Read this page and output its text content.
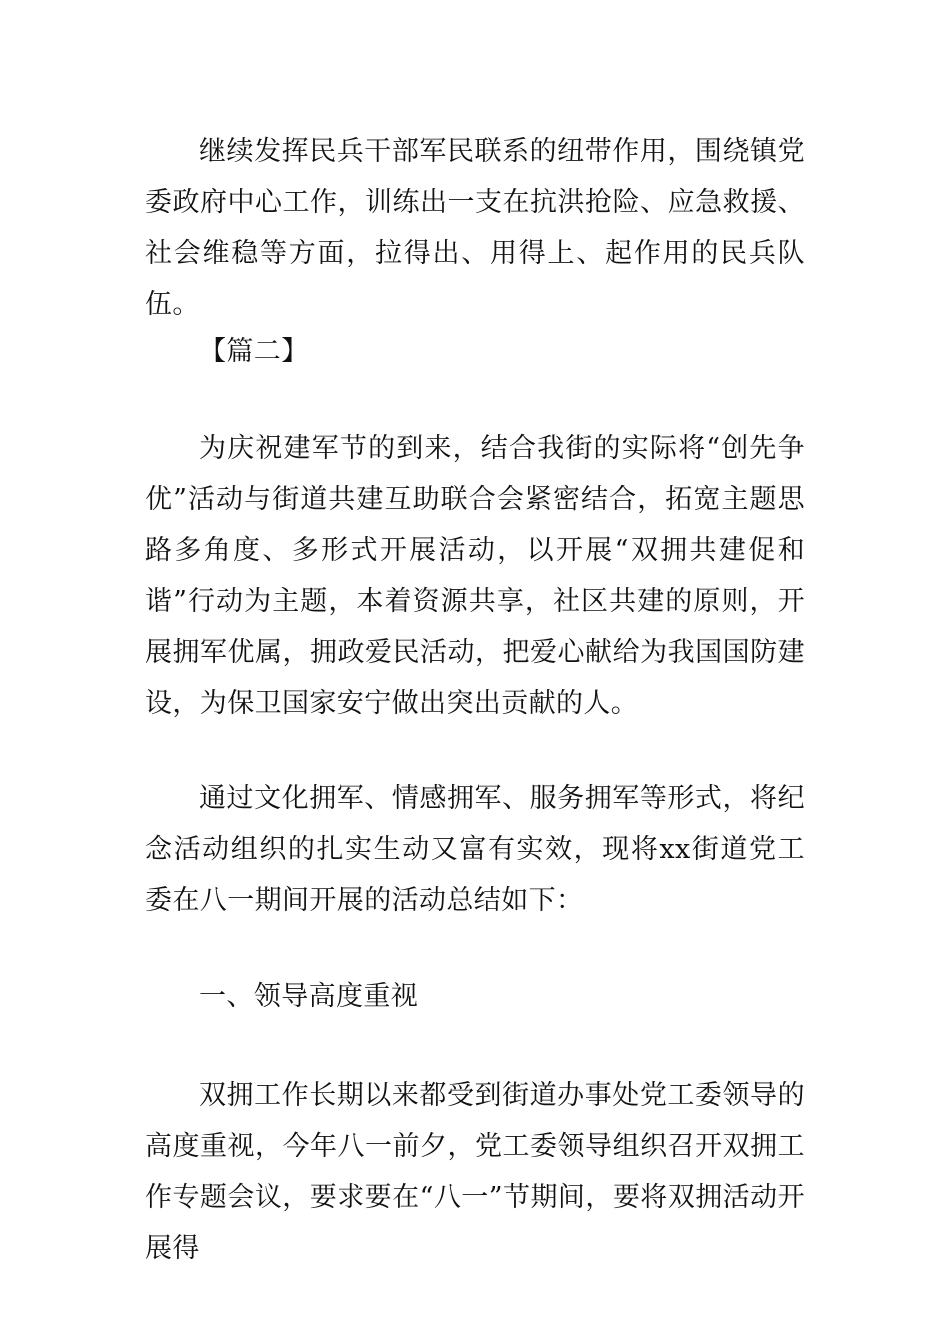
继续发挥民兵干部军民联系的纽带作用，围绕镇党委政府中心工作，训练出一支在抗洪抢险、应急救援、社会维稳等方面，拉得出、用得上、起作用的民兵队伍。

【篇二】

为庆祝建军节的到来，结合我街的实际将“创先争优”活动与街道共建互助联合会紧密结合，拓宽主题思路多角度、多形式开展活动，以开展“双拥共建促和谐”行动为主题，本着资源共享，社区共建的原则，开展拥军优属，拥政爱民活动，把爱心献给为我国国防建设，为保卫国家安宁做出突出贡献的人。

通过文化拥军、情感拥军、服务拥军等形式，将纪念活动组织的扎实生动又富有实效，现将xx街道党工委在八一期间开展的活动总结如下：

一、领导高度重视

双拥工作长期以来都受到街道办事处党工委领导的高度重视，今年八一前夕，党工委领导组织召开双拥工作专题会议，要求要在“八一”节期间，要将双拥活动开展得
